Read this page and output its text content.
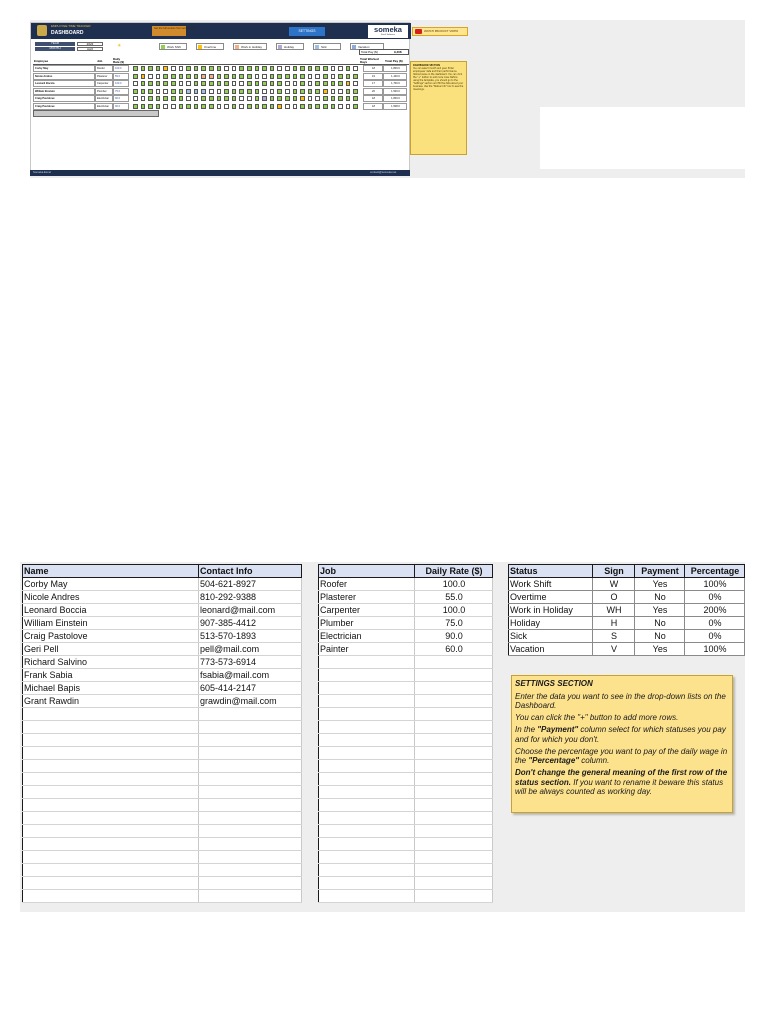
EMPLOYEE TIME TRACKER
DASHBOARD
Get the full version from someka.net
SETTINGS	someka
Excel Solutions
YEAR	2022
MONTH	April	☀	Work Shift	Overtime	Work in Holiday	Holiday	Sick	Vacation
Total Pay ($)	9,408
Employee	Job	Daily Rate ($)
Total Worked Days	Total Pay ($)
Corby May	Roofer	100.0	18	1,800.0
Nicole Andres	Plasterer	55.0	19	1,100.0
Leonard Boccia	Carpenter	100.0	17	1,700.0
William Einstein	Plumber	75.0	20	1,500.0
Craig Pastolove	Electrician	90.0	18	1,800.0
Craig Pastolove	Electrician	90.0	18	1,508.0
WATCH PRODUCT VIDEO
DASHBOARD SECTION
You can select month and year. Enter employees' data and their performance. Yellow boxes on the dashboard. You can click the "+" button to add more rows. Before using the template, you should go to the "Settings" section and fill the data about your business. Use the "Status Info" box to see the meanings.
Someka Excel	contact@someka.net
Name	Contact Info
Corby May	504-621-8927
Nicole Andres	810-292-9388
Leonard Boccia	leonard@mail.com
William Einstein	907-385-4412
Craig Pastolove	513-570-1893
Geri Pell	pell@mail.com
Richard Salvino	773-573-6914
Frank Sabia	fsabia@mail.com
Michael Bapis	605-414-2147
Grant Rawdin	grawdin@mail.com

Job	Daily Rate ($)
Roofer	100.0
Plasterer	55.0
Carpenter	100.0
Plumber	75.0
Electrician	90.0
Painter	60.0

Status	Sign	Payment	Percentage
Work Shift	W	Yes	100%
Overtime	O	No	0%
Work in Holiday	WH	Yes	200%
Holiday	H	No	0%
Sick	S	No	0%
Vacation	V	Yes	100%

SETTINGS SECTION

Enter the data you want to see in the drop-down lists on the Dashboard.

You can click the "+" button to add more rows.

In the "Payment" column select for which statuses you pay and for which you don't.

Choose the percentage you want to pay of the daily wage in the "Percentage" column.

Don't change the general meaning of the first row of the status section. If you want to rename it beware this status will be always counted as working day.
